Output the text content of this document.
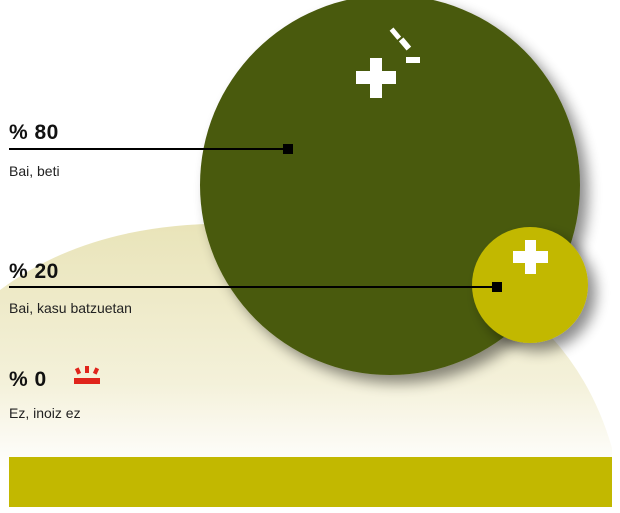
% 80
Bai, beti
% 20
Bai, kasu batzuetan
% 0
Ez, inoiz ez
